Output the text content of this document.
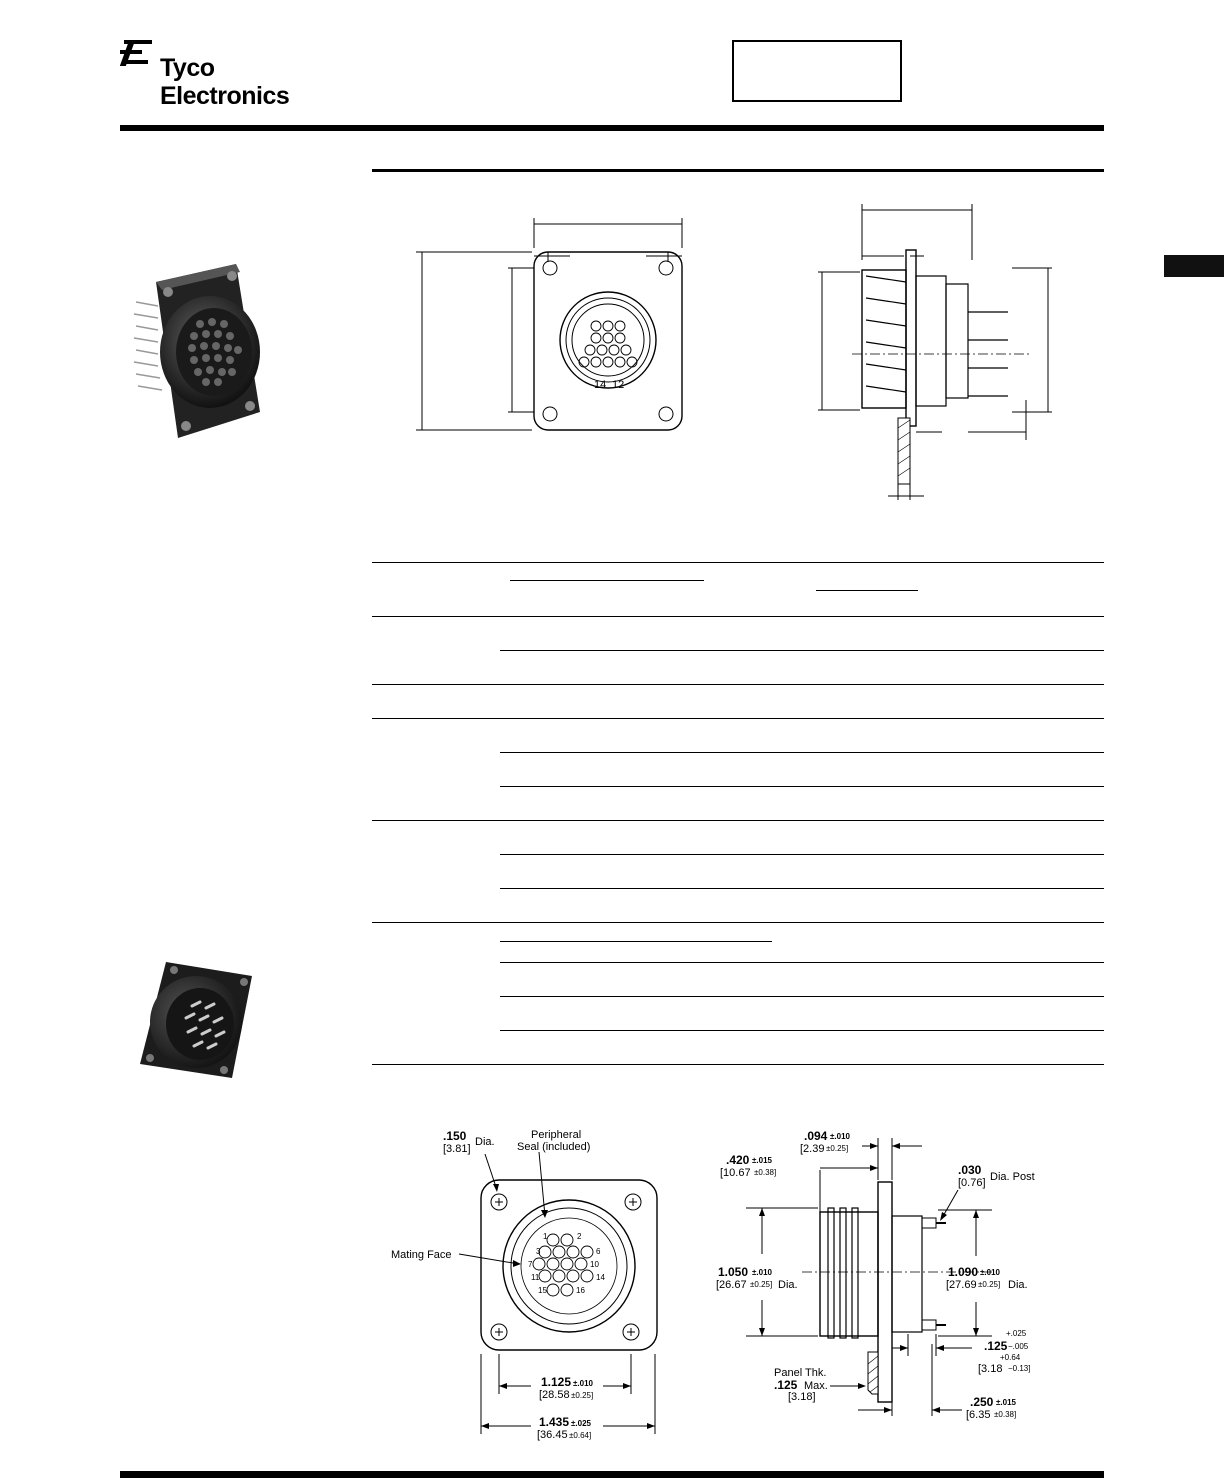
Tyco
Electronics
14 12
.150 Dia.
[3.81]
Peripheral
Seal (included)
Mating Face
1	2
3	6
7	10
11	14
15	16
1.125 ±.010
[28.58 ±0.25]
1.435 ±.025
[36.45 ±0.64]
.094 ±.010
[2.39 ±0.25]
.420 ±.015
[10.67 ±0.38]	.030
[0.76] Dia. Post
1.050 ±.010
[26.67 ±0.25] Dia.
1.090 ±.010
[27.69 ±0.25] Dia.
+.025
.125 −.005
+0.64
[3.18 −0.13]
Panel Thk.
.125 Max.
[3.18]	.250 ±.015
[6.35 ±0.38]
